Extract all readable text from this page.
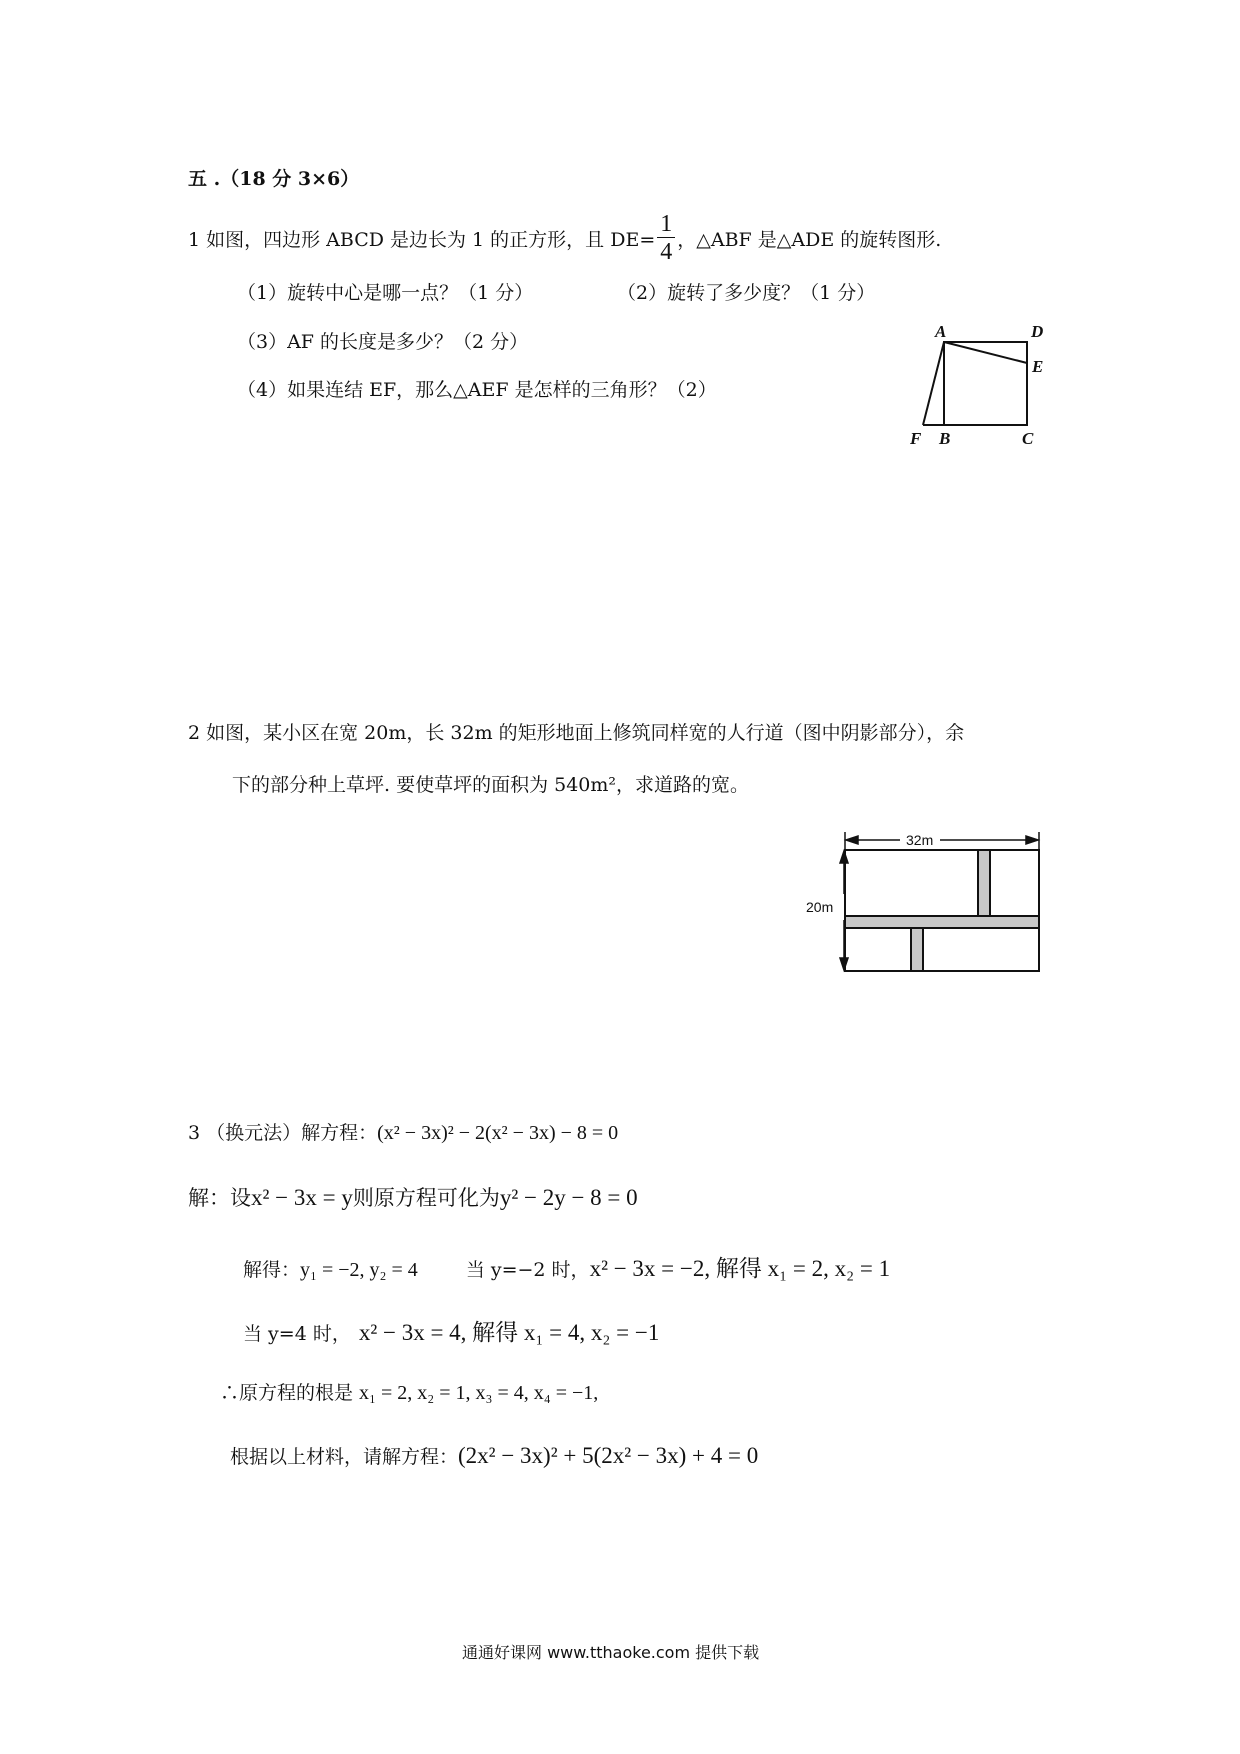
五 .（18 分 3×6）
1 如图，四边形 ABCD 是边长为 1 的正方形，且 $DE= \frac{1}{4}$ ，△ABF 是△ADE 的旋转图形.
（1）旋转中心是哪一点？（1 分）	（2）旋转了多少度？（1 分）
（3）AF 的长度是多少？（2 分）
（4）如果连结 EF，那么△AEF 是怎样的三角形？（2）
A	D
E
F B	C
2 如图，某小区在宽 20m，长 32m 的矩形地面上修筑同样宽的人行道（图中阴影部分），余
下的部分种上草坪. 要使草坪的面积为 540m²，求道路的宽。
32m
20m
3 （换元法）解方程： (x² − 3x)² − 2(x² − 3x) − 8 = 0
解：设 x² − 3x = y 则原方程可化为 y² − 2y − 8 = 0
解得： y₁ = −2, y₂ = 4	当 y=−2 时， x² − 3x = −2, 解得 x₁ = 2, x₂ = 1
当 y=4 时， x² − 3x = 4, 解得 x₁ = 4, x₂ = −1
∴原方程的根是 x₁ = 2, x₂ = 1, x₃ = 4, x₄ = −1,
根据以上材料，请解方程： (2x² − 3x)² + 5(2x² − 3x) + 4 = 0
通通好课网 www.tthaoke.com 提供下载
